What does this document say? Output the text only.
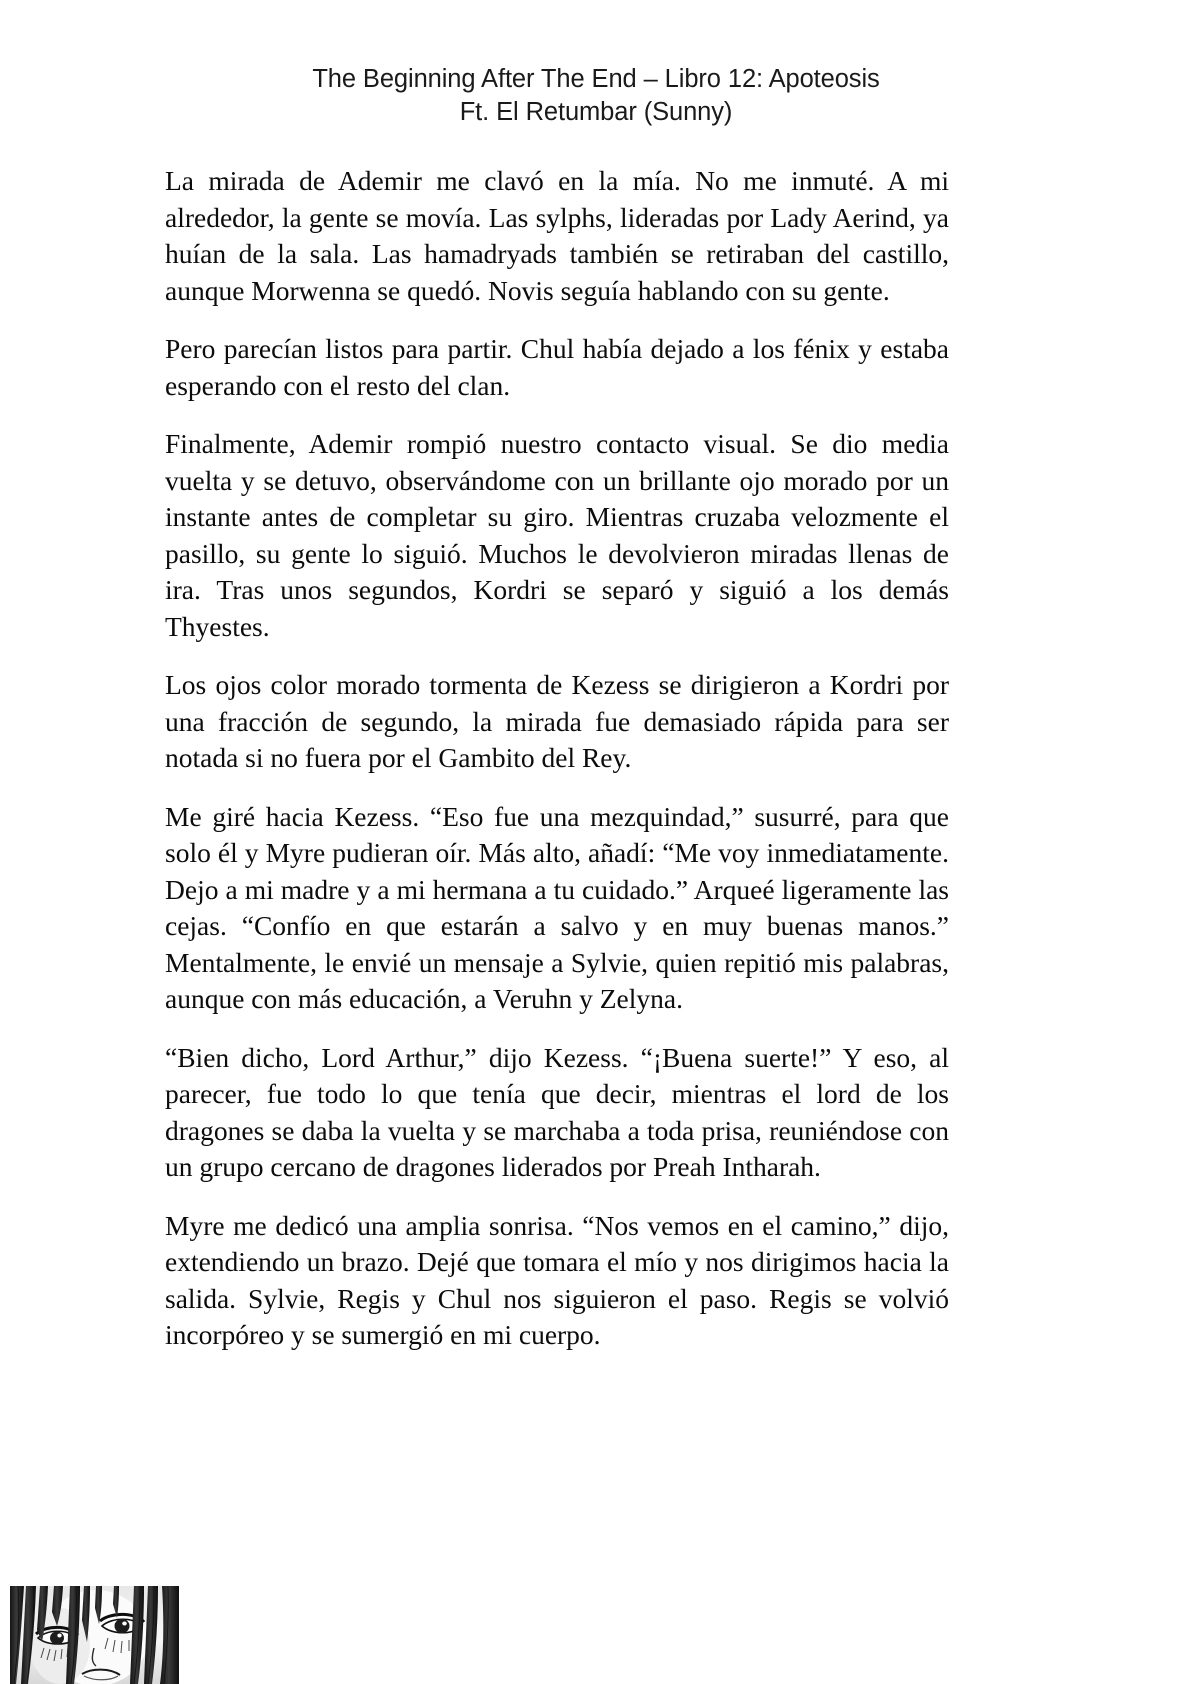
The Beginning After The End – Libro 12: Apoteosis
Ft. El Retumbar (Sunny)

La mirada de Ademir me clavó en la mía. No me inmuté. A mi alrededor, la gente se movía. Las sylphs, lideradas por Lady Aerind, ya huían de la sala. Las hamadryads también se retiraban del castillo, aunque Morwenna se quedó. Novis seguía hablando con su gente.

Pero parecían listos para partir. Chul había dejado a los fénix y estaba esperando con el resto del clan.

Finalmente, Ademir rompió nuestro contacto visual. Se dio media vuelta y se detuvo, observándome con un brillante ojo morado por un instante antes de completar su giro. Mientras cruzaba velozmente el pasillo, su gente lo siguió. Muchos le devolvieron miradas llenas de ira. Tras unos segundos, Kordri se separó y siguió a los demás Thyestes.

Los ojos color morado tormenta de Kezess se dirigieron a Kordri por una fracción de segundo, la mirada fue demasiado rápida para ser notada si no fuera por el Gambito del Rey.

Me giré hacia Kezess. “Eso fue una mezquindad,” susurré, para que solo él y Myre pudieran oír. Más alto, añadí: “Me voy inmediatamente. Dejo a mi madre y a mi hermana a tu cuidado.” Arqueé ligeramente las cejas. “Confío en que estarán a salvo y en muy buenas manos.” Mentalmente, le envié un mensaje a Sylvie, quien repitió mis palabras, aunque con más educación, a Veruhn y Zelyna.

“Bien dicho, Lord Arthur,” dijo Kezess. “¡Buena suerte!” Y eso, al parecer, fue todo lo que tenía que decir, mientras el lord de los dragones se daba la vuelta y se marchaba a toda prisa, reuniéndose con un grupo cercano de dragones liderados por Preah Intharah.

Myre me dedicó una amplia sonrisa. “Nos vemos en el camino,” dijo, extendiendo un brazo. Dejé que tomara el mío y nos dirigimos hacia la salida. Sylvie, Regis y Chul nos siguieron el paso. Regis se volvió incorpóreo y se sumergió en mi cuerpo.
